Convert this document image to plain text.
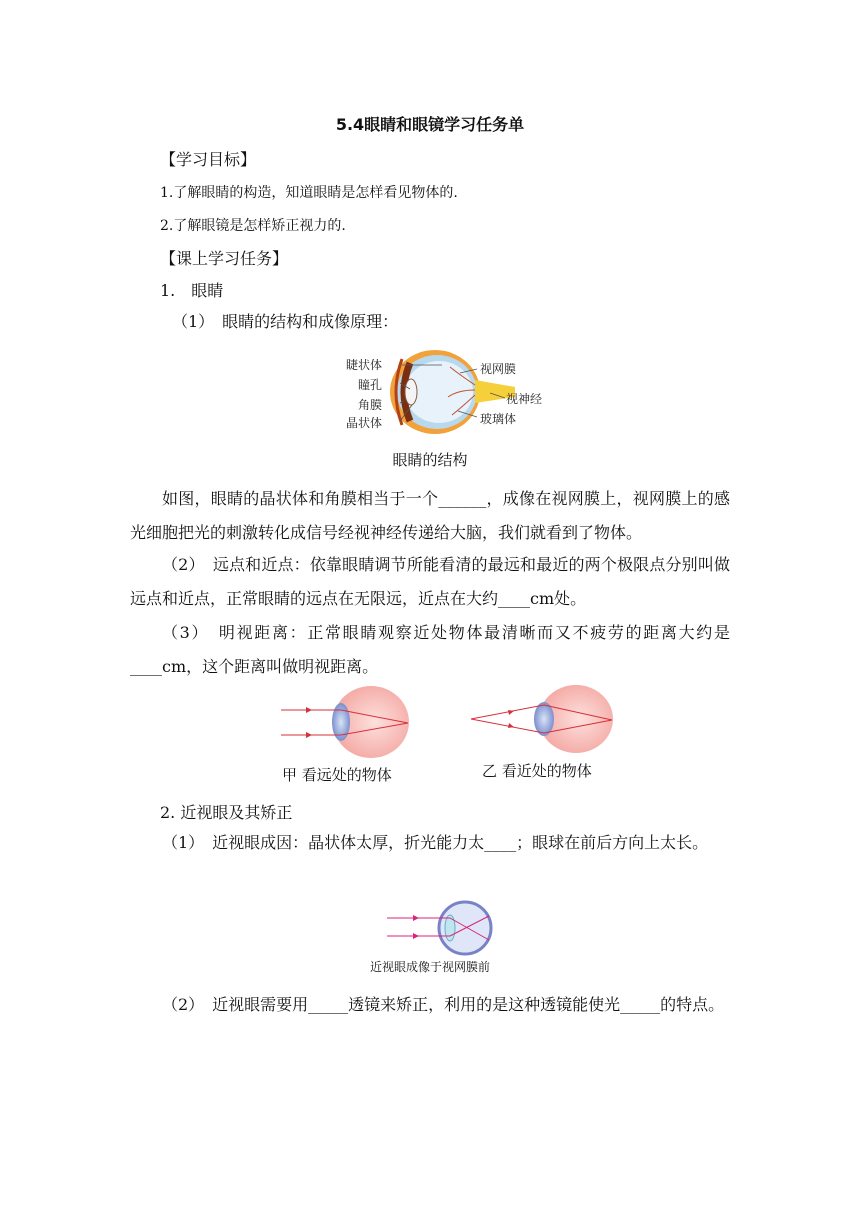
5.4眼睛和眼镜学习任务单
【学习目标】
1.了解眼睛的构造，知道眼睛是怎样看见物体的.
2.了解眼镜是怎样矫正视力的.
【课上学习任务】
1.　眼睛
（1）　眼睛的结构和成像原理：
睫状体
瞳孔
角膜
晶状体
视网膜
视神经
玻璃体
眼睛的结构
如图，眼睛的晶状体和角膜相当于一个______，成像在视网膜上，视网膜上的感光细胞把光的刺激转化成信号经视神经传递给大脑，我们就看到了物体。
（2）　远点和近点：依靠眼睛调节所能看清的最远和最近的两个极限点分别叫做远点和近点，正常眼睛的远点在无限远，近点在大约____cm处。
（3）　明视距离：正常眼睛观察近处物体最清晰而又不疲劳的距离大约是____cm，这个距离叫做明视距离。
甲 看远处的物体	乙 看近处的物体
2. 近视眼及其矫正
（1）　近视眼成因：晶状体太厚，折光能力太____；眼球在前后方向上太长。
近视眼成像于视网膜前
（2）　近视眼需要用_____透镜来矫正，利用的是这种透镜能使光_____的特点。
